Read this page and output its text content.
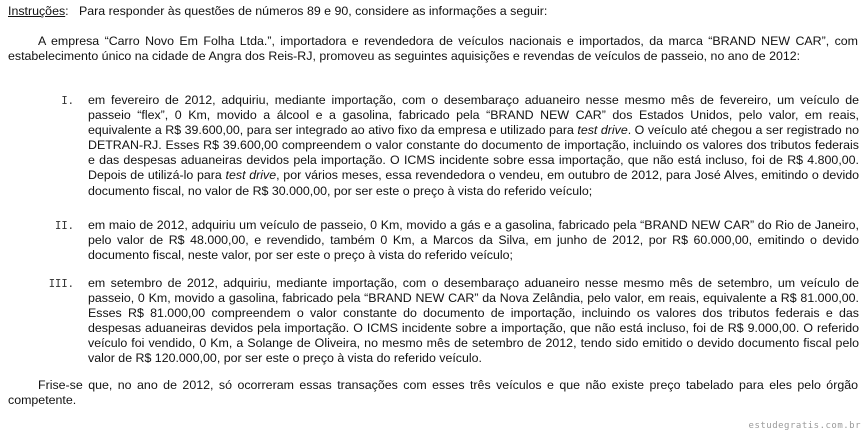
Instruções:   Para responder às questões de números 89 e 90, considere as informações a seguir:
A empresa “Carro Novo Em Folha Ltda.”, importadora e revendedora de veículos nacionais e importados, da marca “BRAND NEW CAR”, com estabelecimento único na cidade de Angra dos Reis-RJ, promoveu as seguintes aquisições e revendas de veículos de passeio, no ano de 2012:
I. em fevereiro de 2012, adquiriu, mediante importação, com o desembaraço aduaneiro nesse mesmo mês de fevereiro, um veículo de passeio “flex”, 0 Km, movido a álcool e a gasolina, fabricado pela “BRAND NEW CAR” dos Estados Unidos, pelo valor, em reais, equivalente a R$ 39.600,00, para ser integrado ao ativo fixo da empresa e utilizado para test drive. O veículo até chegou a ser registrado no DETRAN-RJ. Esses R$ 39.600,00 compreendem o valor constante do documento de importação, incluindo os valores dos tributos federais e das despesas aduaneiras devidos pela importação. O ICMS incidente sobre essa importação, que não está incluso, foi de R$ 4.800,00. Depois de utilizá-lo para test drive, por vários meses, essa revendedora o vendeu, em outubro de 2012, para José Alves, emitindo o devido documento fiscal, no valor de R$ 30.000,00, por ser este o preço à vista do referido veículo;
II. em maio de 2012, adquiriu um veículo de passeio, 0 Km, movido a gás e a gasolina, fabricado pela “BRAND NEW CAR” do Rio de Janeiro, pelo valor de R$ 48.000,00, e revendido, também 0 Km, a Marcos da Silva, em junho de 2012, por R$ 60.000,00, emitindo o devido documento fiscal, neste valor, por ser este o preço à vista do referido veículo;
III. em setembro de 2012, adquiriu, mediante importação, com o desembaraço aduaneiro nesse mesmo mês de setembro, um veículo de passeio, 0 Km, movido a gasolina, fabricado pela “BRAND NEW CAR” da Nova Zelândia, pelo valor, em reais, equivalente a R$ 81.000,00. Esses R$ 81.000,00 compreendem o valor constante do documento de importação, incluindo os valores dos tributos federais e das despesas aduaneiras devidos pela importação. O ICMS incidente sobre a importação, que não está incluso, foi de R$ 9.000,00. O referido veículo foi vendido, 0 Km, a Solange de Oliveira, no mesmo mês de setembro de 2012, tendo sido emitido o devido documento fiscal pelo valor de R$ 120.000,00, por ser este o preço à vista do referido veículo.
Frise-se que, no ano de 2012, só ocorreram essas transações com esses três veículos e que não existe preço tabelado para eles pelo órgão competente.
estudegratis.com.br
